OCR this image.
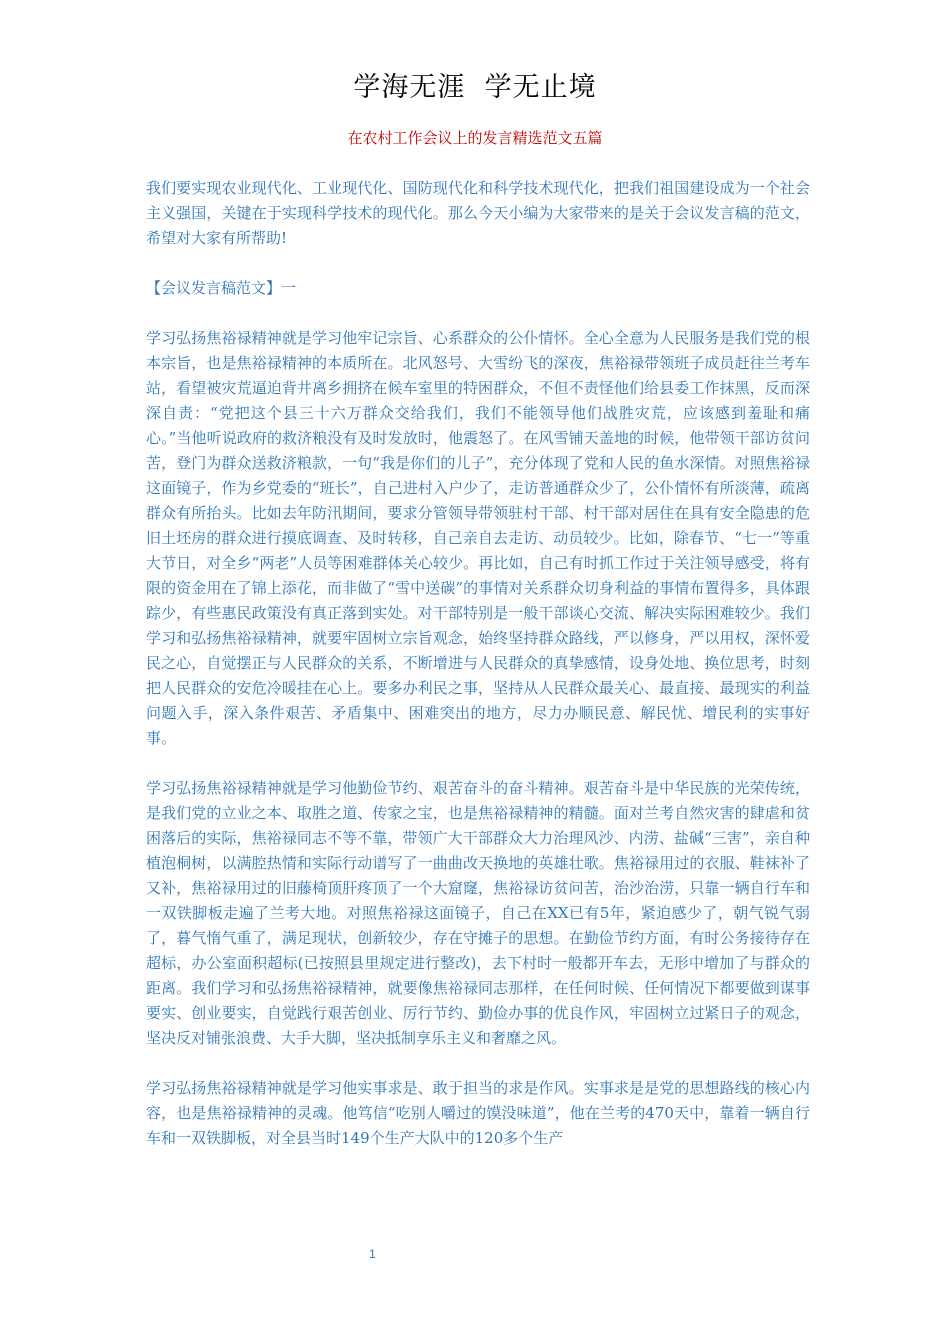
学海无涯  学无止境
在农村工作会议上的发言精选范文五篇

我们要实现农业现代化、工业现代化、国防现代化和科学技术现代化，把我们祖国建设成为一个社会主义强国，关键在于实现科学技术的现代化。那么今天小编为大家带来的是关于会议发言稿的范文，希望对大家有所帮助!

【会议发言稿范文】一

学习弘扬焦裕禄精神就是学习他牢记宗旨、心系群众的公仆情怀。全心全意为人民服务是我们党的根本宗旨，也是焦裕禄精神的本质所在。北风怒号、大雪纷飞的深夜，焦裕禄带领班子成员赶往兰考车站，看望被灾荒逼迫背井离乡拥挤在候车室里的特困群众，不但不责怪他们给县委工作抹黑，反而深深自责：“党把这个县三十六万群众交给我们，我们不能领导他们战胜灾荒，应该感到羞耻和痛心。”当他听说政府的救济粮没有及时发放时，他震怒了。在风雪铺天盖地的时候，他带领干部访贫问苦，登门为群众送救济粮款，一句“我是你们的儿子”，充分体现了党和人民的鱼水深情。对照焦裕禄这面镜子，作为乡党委的“班长”，自己进村入户少了，走访普通群众少了，公仆情怀有所淡薄，疏离群众有所抬头。比如去年防汛期间，要求分管领导带领驻村干部、村干部对居住在具有安全隐患的危旧土坯房的群众进行摸底调查、及时转移，自己亲自去走访、动员较少。比如，除春节、“七一”等重大节日，对全乡“两老”人员等困难群体关心较少。再比如，自己有时抓工作过于关注领导感受，将有限的资金用在了锦上添花，而非做了“雪中送碳”的事情对关系群众切身利益的事情布置得多，具体跟踪少，有些惠民政策没有真正落到实处。对干部特别是一般干部谈心交流、解决实际困难较少。我们学习和弘扬焦裕禄精神，就要牢固树立宗旨观念，始终坚持群众路线，严以修身，严以用权，深怀爱民之心，自觉摆正与人民群众的关系，不断增进与人民群众的真挚感情，设身处地、换位思考，时刻把人民群众的安危冷暖挂在心上。要多办利民之事，坚持从人民群众最关心、最直接、最现实的利益问题入手，深入条件艰苦、矛盾集中、困难突出的地方，尽力办顺民意、解民忧、增民利的实事好事。

学习弘扬焦裕禄精神就是学习他勤俭节约、艰苦奋斗的奋斗精神。艰苦奋斗是中华民族的光荣传统，是我们党的立业之本、取胜之道、传家之宝，也是焦裕禄精神的精髓。面对兰考自然灾害的肆虐和贫困落后的实际，焦裕禄同志不等不靠，带领广大干部群众大力治理风沙、内涝、盐碱“三害”，亲自种植泡桐树，以满腔热情和实际行动谱写了一曲曲改天换地的英雄壮歌。焦裕禄用过的衣服、鞋袜补了又补，焦裕禄用过的旧藤椅顶肝疼顶了一个大窟窿，焦裕禄访贫问苦，治沙治涝，只靠一辆自行车和一双铁脚板走遍了兰考大地。对照焦裕禄这面镜子，自己在XX已有5年，紧迫感少了，朝气锐气弱了，暮气惰气重了，满足现状，创新较少，存在守摊子的思想。在勤俭节约方面，有时公务接待存在超标，办公室面积超标(已按照县里规定进行整改)，去下村时一般都开车去，无形中增加了与群众的距离。我们学习和弘扬焦裕禄精神，就要像焦裕禄同志那样，在任何时候、任何情况下都要做到谋事要实、创业要实，自觉践行艰苦创业、厉行节约、勤俭办事的优良作风，牢固树立过紧日子的观念，坚决反对铺张浪费、大手大脚，坚决抵制享乐主义和奢靡之风。

学习弘扬焦裕禄精神就是学习他实事求是、敢于担当的求是作风。实事求是是党的思想路线的核心内容，也是焦裕禄精神的灵魂。他笃信“吃别人嚼过的馍没味道”，他在兰考的470天中，靠着一辆自行车和一双铁脚板，对全县当时149个生产大队中的120多个生产

1
